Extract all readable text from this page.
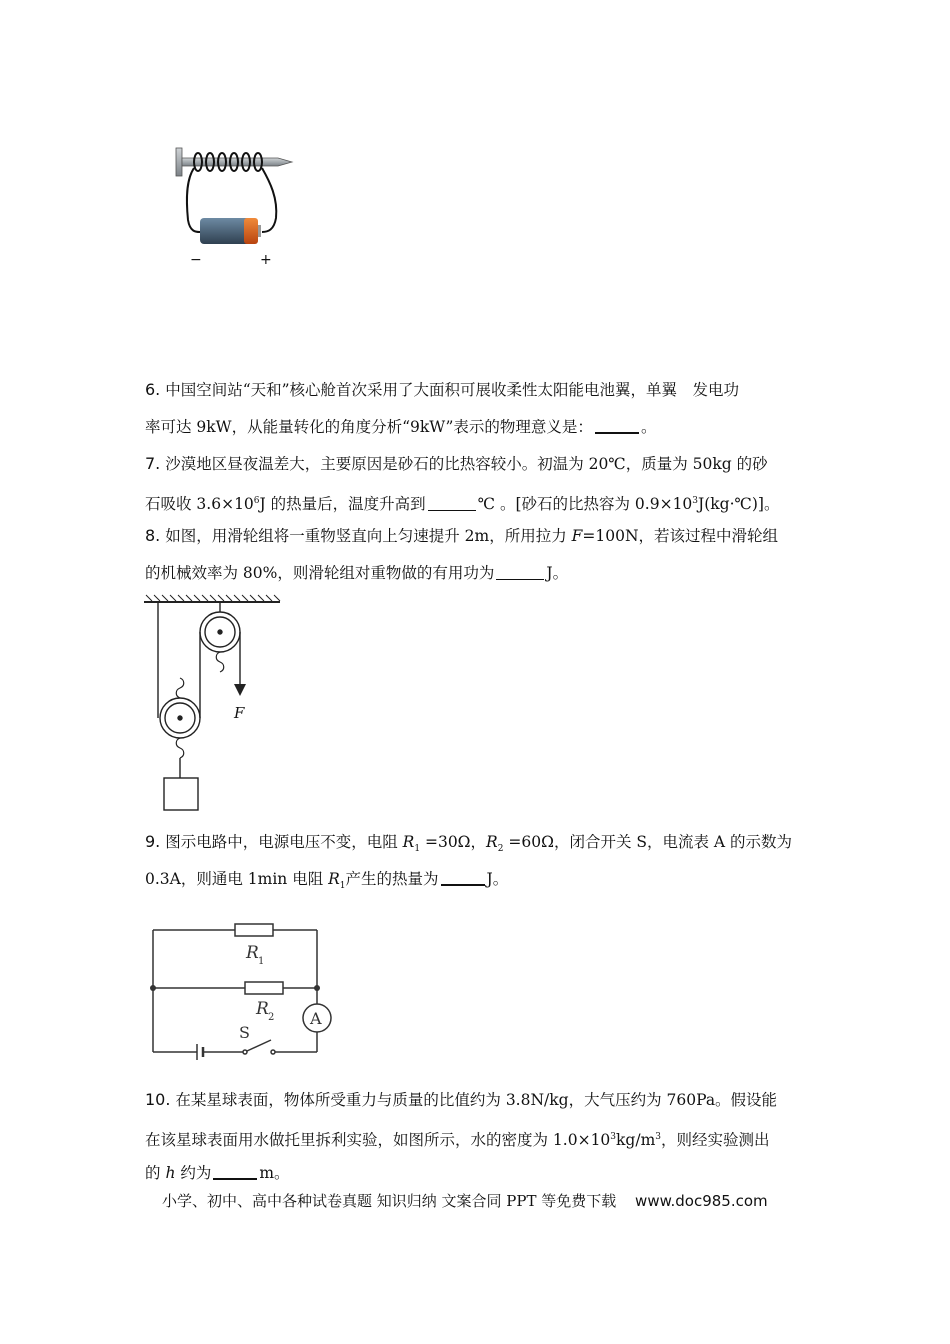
−	+
6. 中国空间站“天和”核心舱首次采用了大面积可展收柔性太阳能电池翼，单翼　发电功
率可达 9kW，从能量转化的角度分析“9kW”表示的物理意义是：	。
7. 沙漠地区昼夜温差大，主要原因是砂石的比热容较小。初温为 20℃，质量为 50kg 的砂
石吸收 $3.6\times 10^6J$ 的热量后，温度升高到	℃ 。[砂石的比热容为 $0.9\times 10^3J(kg\cdot℃)$]。
8. 如图，用滑轮组将一重物竖直向上匀速提升 2m，所用拉力 F=100N，若该过程中滑轮组
的机械效率为 80%，则滑轮组对重物做的有用功为	J。
F
9. 图示电路中，电源电压不变，电阻 $R_1 =30\Omega$，$R_2 =60\Omega$，闭合开关 S，电流表 A 的示数为
0.3A，则通电 1min 电阻 $R_1$产生的热量为	J。
R 1
R 2
S
A
10. 在某星球表面，物体所受重力与质量的比值约为 3.8N/kg，大气压约为 760Pa。假设能
在该星球表面用水做托里拆利实验，如图所示，水的密度为 $1.0\times 10^3kg/m^3$，则经实验测出
的 h 约为	m。
小学、初中、高中各种试卷真题 知识归纳 文案合同 PPT 等免费下载 www.doc985.com
